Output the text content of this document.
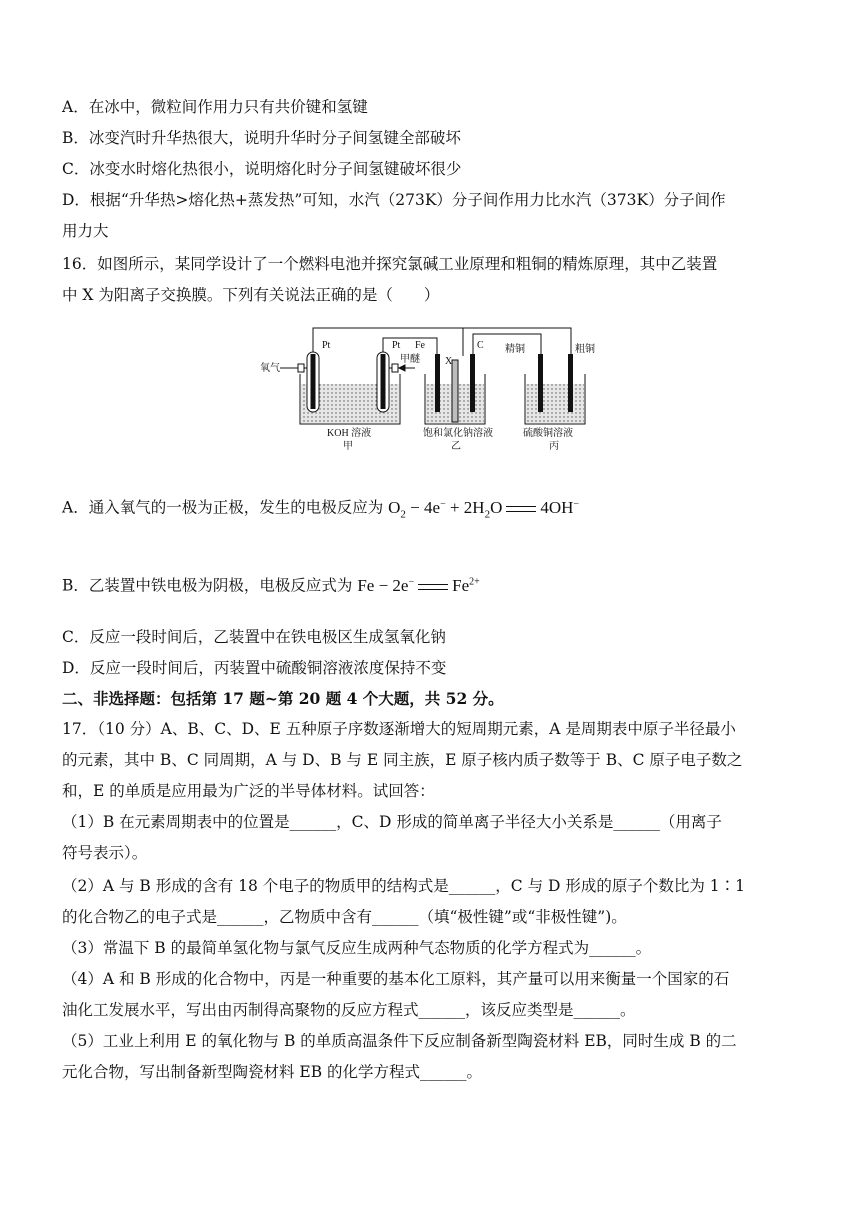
A．在冰中，微粒间作用力只有共价键和氢键
B．冰变汽时升华热很大，说明升华时分子间氢键全部破坏
C．冰变水时熔化热很小，说明熔化时分子间氢键破坏很少
D．根据“升华热>熔化热+蒸发热”可知，水汽（273K）分子间作用力比水汽（373K）分子间作
用力大
16．如图所示，某同学设计了一个燃料电池并探究氯碱工业原理和粗铜的精炼原理，其中乙装置
中 X 为阳离子交换膜。下列有关说法正确的是（　　）
Pt
Pt	Fe	C
X
氧气
甲醚
精铜	粗铜
KOH 溶液
甲
饱和氯化钠溶液
乙
硫酸铜溶液
丙
A．通入氧气的一极为正极，发生的电极反应为 $O_2 - 4e^- + 2H_2O$ 4OH−
B．乙装置中铁电极为阴极，电极反应式为 Fe − 2e− $Fe^{2+}$
C．反应一段时间后，乙装置中在铁电极区生成氢氧化钠
D．反应一段时间后，丙装置中硫酸铜溶液浓度保持不变
二、非选择题：包括第 17 题~第 20 题 4 个大题，共 52 分。
17．（10 分）A、B、C、D、E 五种原子序数逐渐增大的短周期元素，A 是周期表中原子半径最小
的元素，其中 B、C 同周期，A 与 D、B 与 E 同主族，E 原子核内质子数等于 B、C 原子电子数之
和，E 的单质是应用最为广泛的半导体材料。试回答：
（1）B 在元素周期表中的位置是______，C、D 形成的简单离子半径大小关系是______（用离子
符号表示）。
（2）A 与 B 形成的含有 18 个电子的物质甲的结构式是______，C 与 D 形成的原子个数比为 1∶1
的化合物乙的电子式是______，乙物质中含有______（填“极性键”或“非极性键”)。
（3）常温下 B 的最简单氢化物与氯气反应生成两种气态物质的化学方程式为______。
（4）A 和 B 形成的化合物中，丙是一种重要的基本化工原料，其产量可以用来衡量一个国家的石
油化工发展水平，写出由丙制得高聚物的反应方程式______，该反应类型是______。
（5）工业上利用 E 的氧化物与 B 的单质高温条件下反应制备新型陶瓷材料 EB，同时生成 B 的二
元化合物，写出制备新型陶瓷材料 EB 的化学方程式______。
